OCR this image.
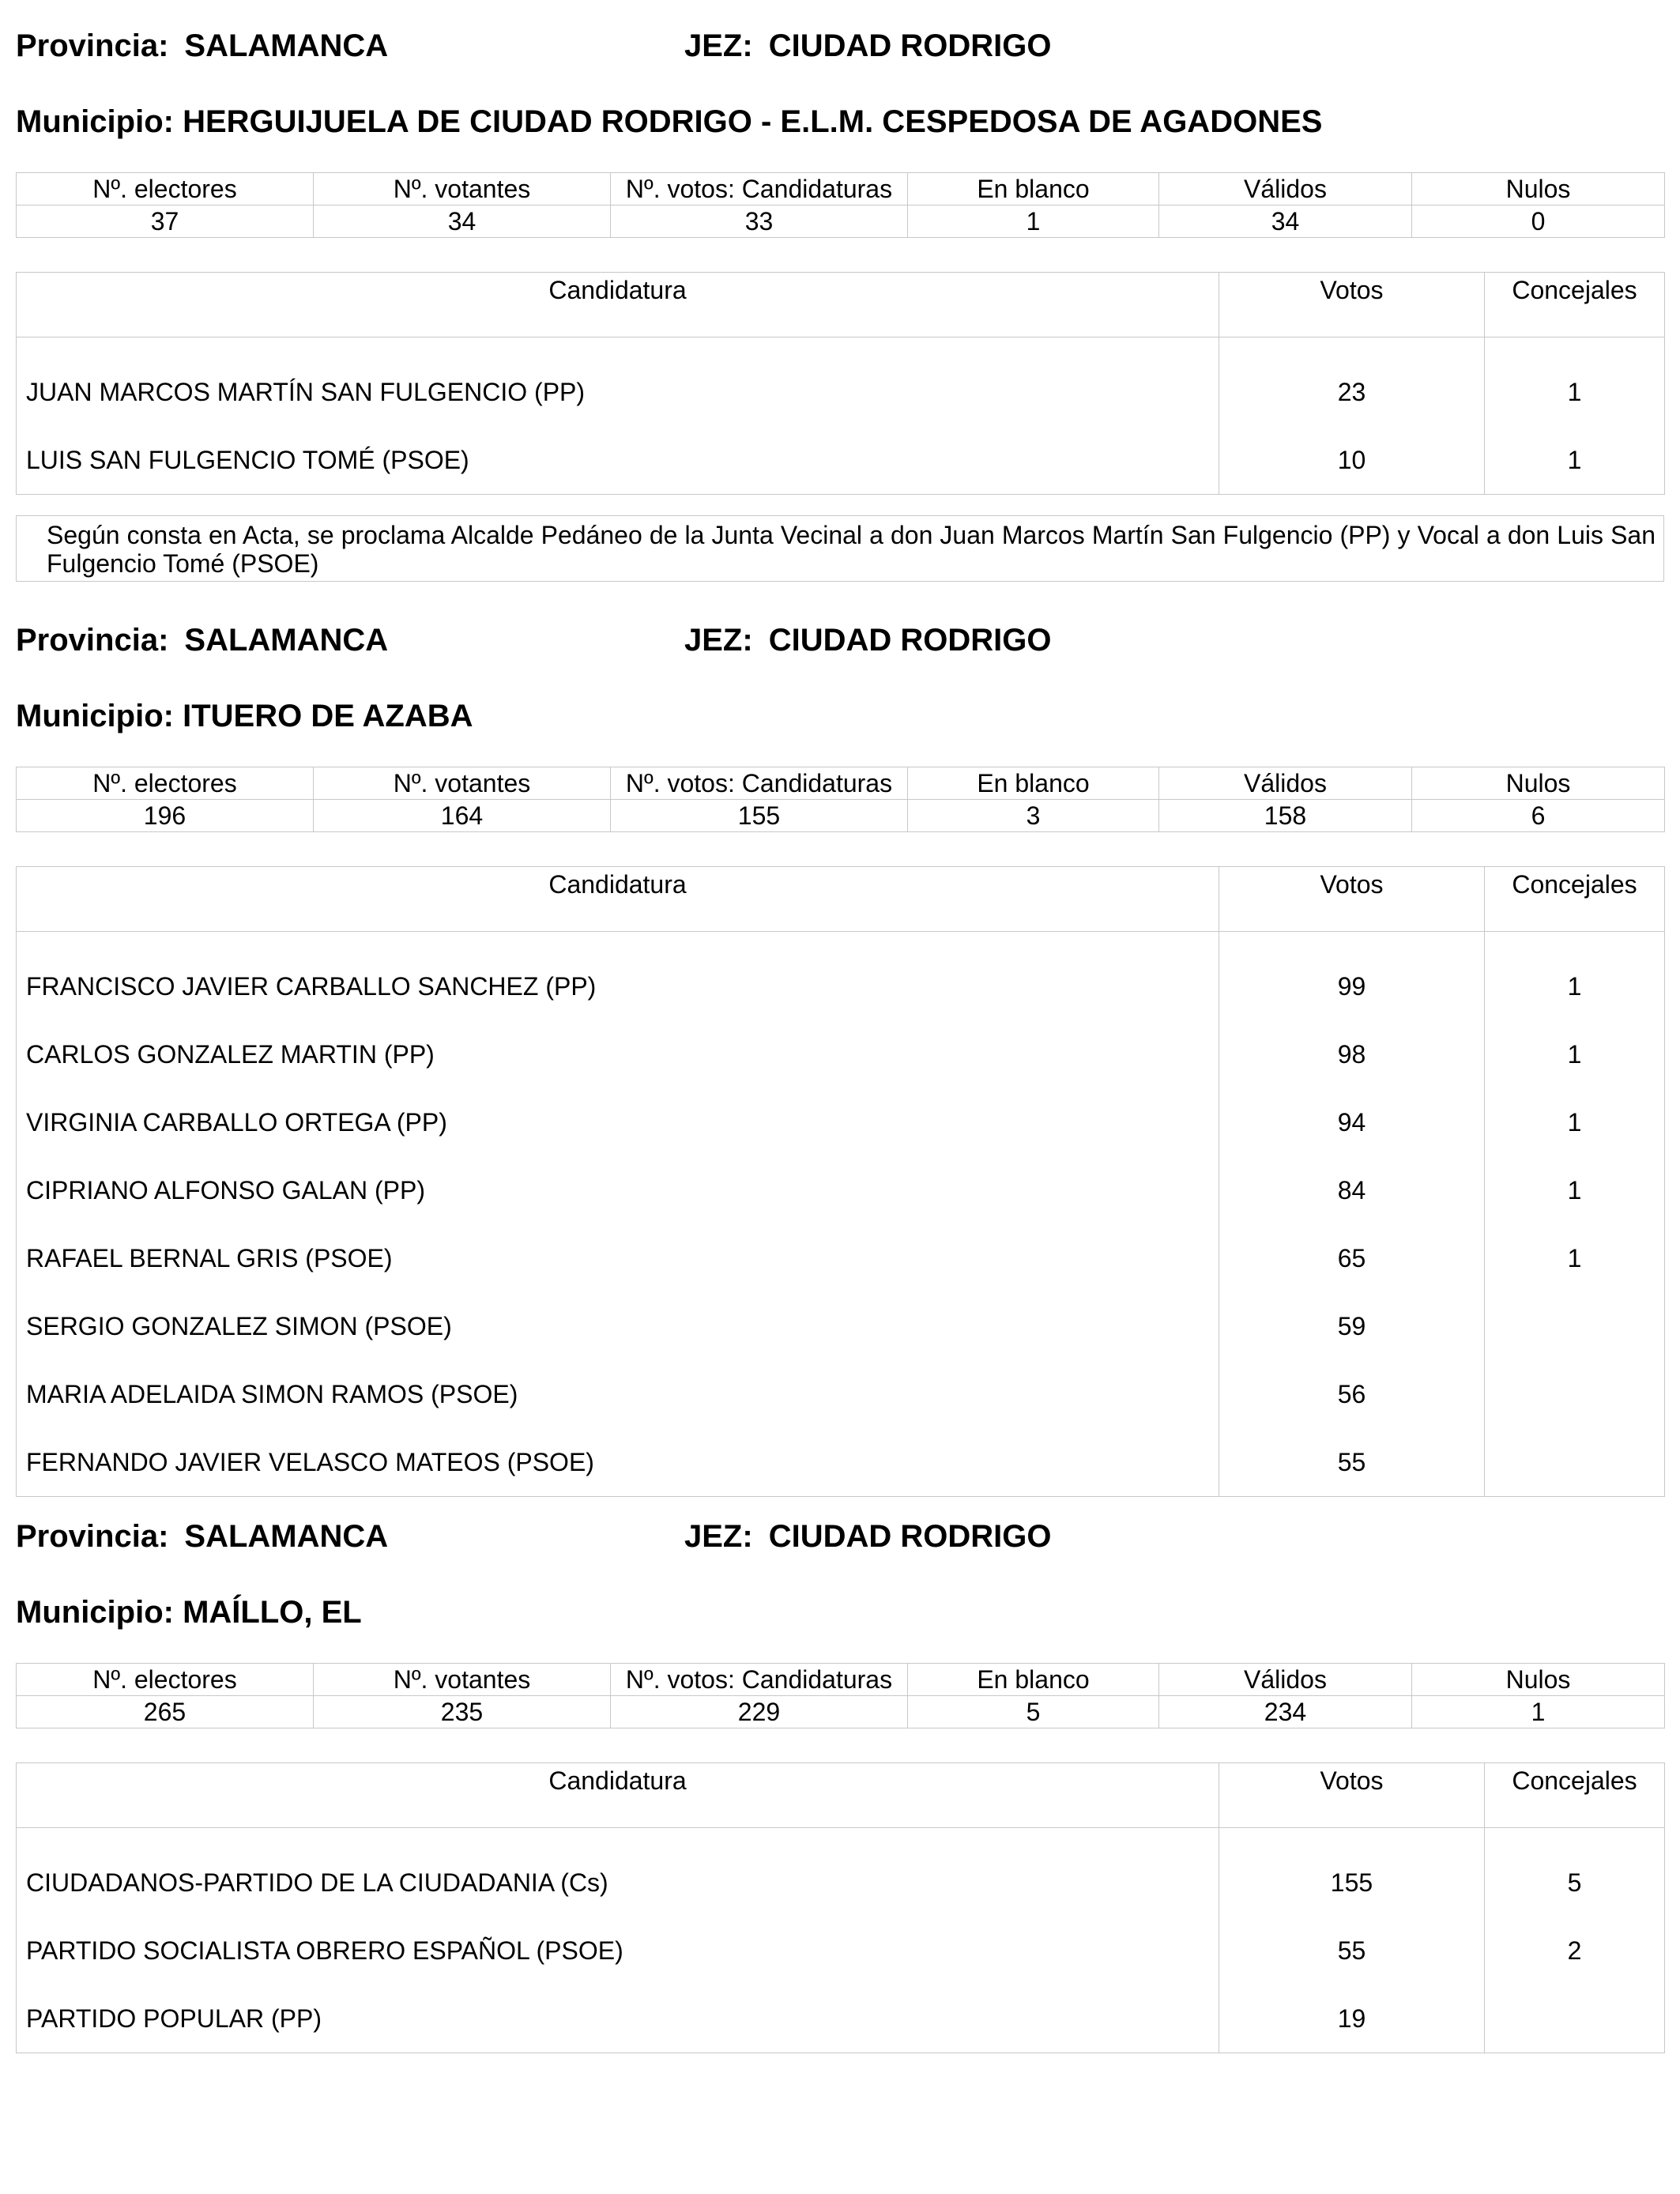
Provincia: SALAMANCA	JEZ: CIUDAD RODRIGO
Municipio: HERGUIJUELA DE CIUDAD RODRIGO - E.L.M. CESPEDOSA DE AGADONES
Nº. electores	Nº. votantes	Nº. votos: Candidaturas	En blanco	Válidos	Nulos
37	34	33	1	34	0
Candidatura	Votos	Concejales
JUAN MARCOS MARTÍN SAN FULGENCIO (PP)	23	1
LUIS SAN FULGENCIO TOMÉ (PSOE)	10	1
Según consta en Acta, se proclama Alcalde Pedáneo de la Junta Vecinal a don Juan Marcos Martín San Fulgencio (PP) y Vocal a don Luis San Fulgencio Tomé (PSOE)
Provincia: SALAMANCA	JEZ: CIUDAD RODRIGO
Municipio: ITUERO DE AZABA
Nº. electores	Nº. votantes	Nº. votos: Candidaturas	En blanco	Válidos	Nulos
196	164	155	3	158	6
Candidatura	Votos	Concejales
FRANCISCO JAVIER CARBALLO SANCHEZ (PP)	99	1
CARLOS GONZALEZ MARTIN (PP)	98	1
VIRGINIA CARBALLO ORTEGA (PP)	94	1
CIPRIANO ALFONSO GALAN (PP)	84	1
RAFAEL BERNAL GRIS (PSOE)	65	1
SERGIO GONZALEZ SIMON (PSOE)	59	
MARIA ADELAIDA SIMON RAMOS (PSOE)	56	
FERNANDO JAVIER VELASCO MATEOS (PSOE)	55	
Provincia: SALAMANCA	JEZ: CIUDAD RODRIGO
Municipio: MAÍLLO, EL
Nº. electores	Nº. votantes	Nº. votos: Candidaturas	En blanco	Válidos	Nulos
265	235	229	5	234	1
Candidatura	Votos	Concejales
CIUDADANOS-PARTIDO DE LA CIUDADANIA (Cs)	155	5
PARTIDO SOCIALISTA OBRERO ESPAÑOL (PSOE)	55	2
PARTIDO POPULAR (PP)	19	
